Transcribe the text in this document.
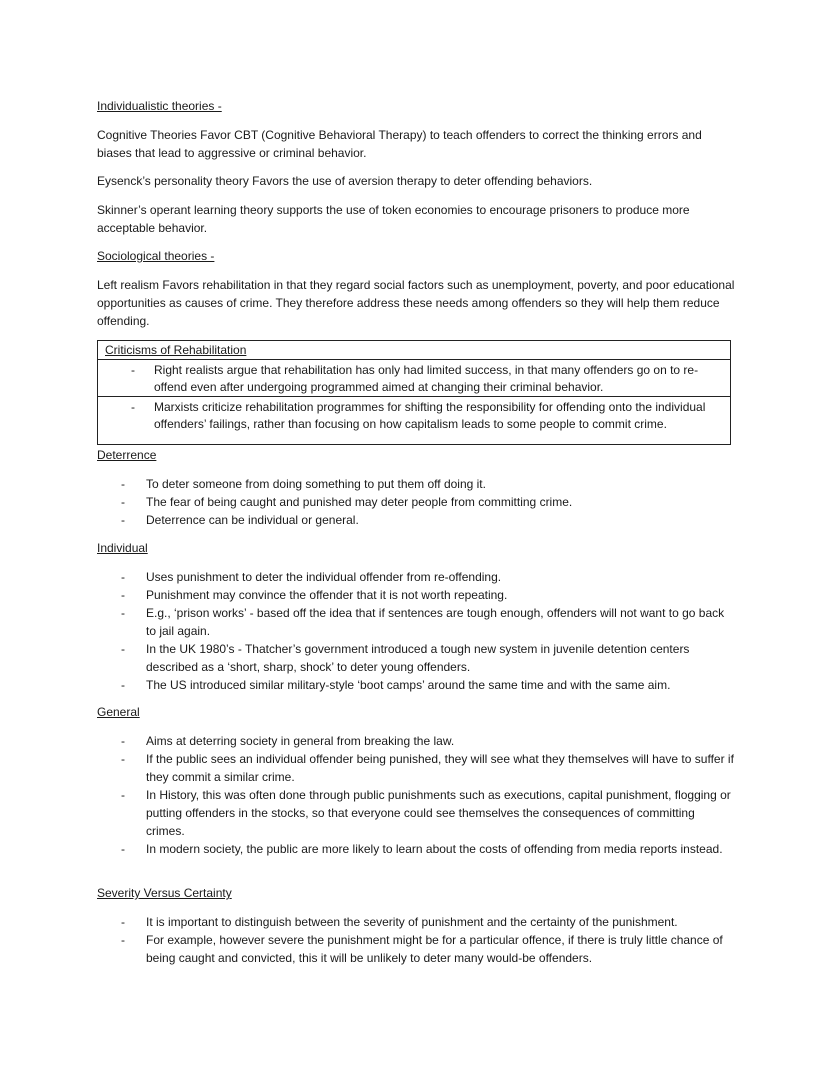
Individualistic theories -
Cognitive Theories Favor CBT (Cognitive Behavioral Therapy) to teach offenders to correct the thinking errors and biases that lead to aggressive or criminal behavior.
Eysenck’s personality theory Favors the use of aversion therapy to deter offending behaviors.
Skinner’s operant learning theory supports the use of token economies to encourage prisoners to produce more acceptable behavior.
Sociological theories -
Left realism Favors rehabilitation in that they regard social factors such as unemployment, poverty, and poor educational opportunities as causes of crime. They therefore address these needs among offenders so they will help them reduce offending.
Criticisms of Rehabilitation
- Right realists argue that rehabilitation has only had limited success, in that many offenders go on to re-offend even after undergoing programmed aimed at changing their criminal behavior.
- Marxists criticize rehabilitation programmes for shifting the responsibility for offending onto the individual offenders’ failings, rather than focusing on how capitalism leads to some people to commit crime.
Deterrence
- To deter someone from doing something to put them off doing it.
- The fear of being caught and punished may deter people from committing crime.
- Deterrence can be individual or general.
Individual
- Uses punishment to deter the individual offender from re-offending.
- Punishment may convince the offender that it is not worth repeating.
- E.g., ‘prison works’ - based off the idea that if sentences are tough enough, offenders will not want to go back to jail again.
- In the UK 1980’s - Thatcher’s government introduced a tough new system in juvenile detention centers described as a ‘short, sharp, shock’ to deter young offenders.
- The US introduced similar military-style ‘boot camps’ around the same time and with the same aim.
General
- Aims at deterring society in general from breaking the law.
- If the public sees an individual offender being punished, they will see what they themselves will have to suffer if they commit a similar crime.
- In History, this was often done through public punishments such as executions, capital punishment, flogging or putting offenders in the stocks, so that everyone could see themselves the consequences of committing crimes.
- In modern society, the public are more likely to learn about the costs of offending from media reports instead.
Severity Versus Certainty
- It is important to distinguish between the severity of punishment and the certainty of the punishment.
- For example, however severe the punishment might be for a particular offence, if there is truly little chance of being caught and convicted, this it will be unlikely to deter many would-be offenders.
